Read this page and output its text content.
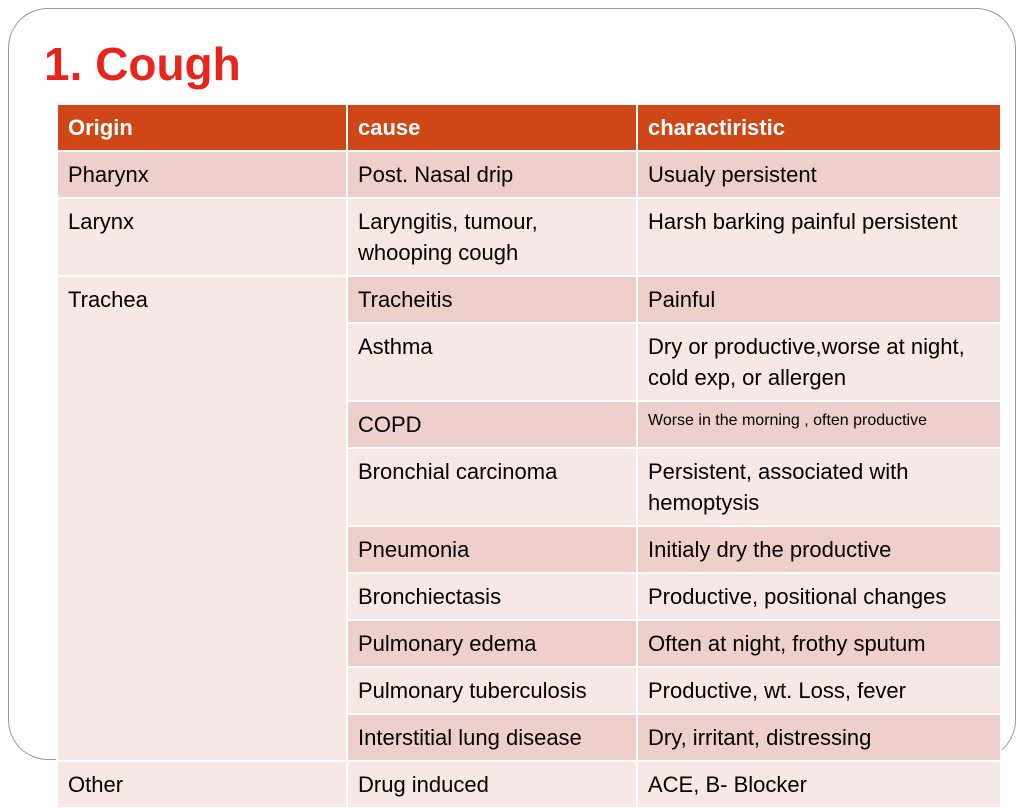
1. Cough
Origin	cause	charactiristic
Pharynx	Post. Nasal drip	Usualy persistent
Larynx	Laryngitis, tumour, whooping cough	Harsh barking painful persistent
Trachea	Tracheitis	Painful
	Asthma	Dry or productive,worse at night, cold exp, or allergen
	COPD	Worse in the morning , often productive
	Bronchial carcinoma	Persistent, associated with hemoptysis
	Pneumonia	Initialy dry the productive
	Bronchiectasis	Productive, positional changes
	Pulmonary edema	Often at night, frothy sputum
	Pulmonary tuberculosis	Productive, wt. Loss, fever
	Interstitial lung disease	Dry, irritant, distressing
Other	Drug induced	ACE, B- Blocker
